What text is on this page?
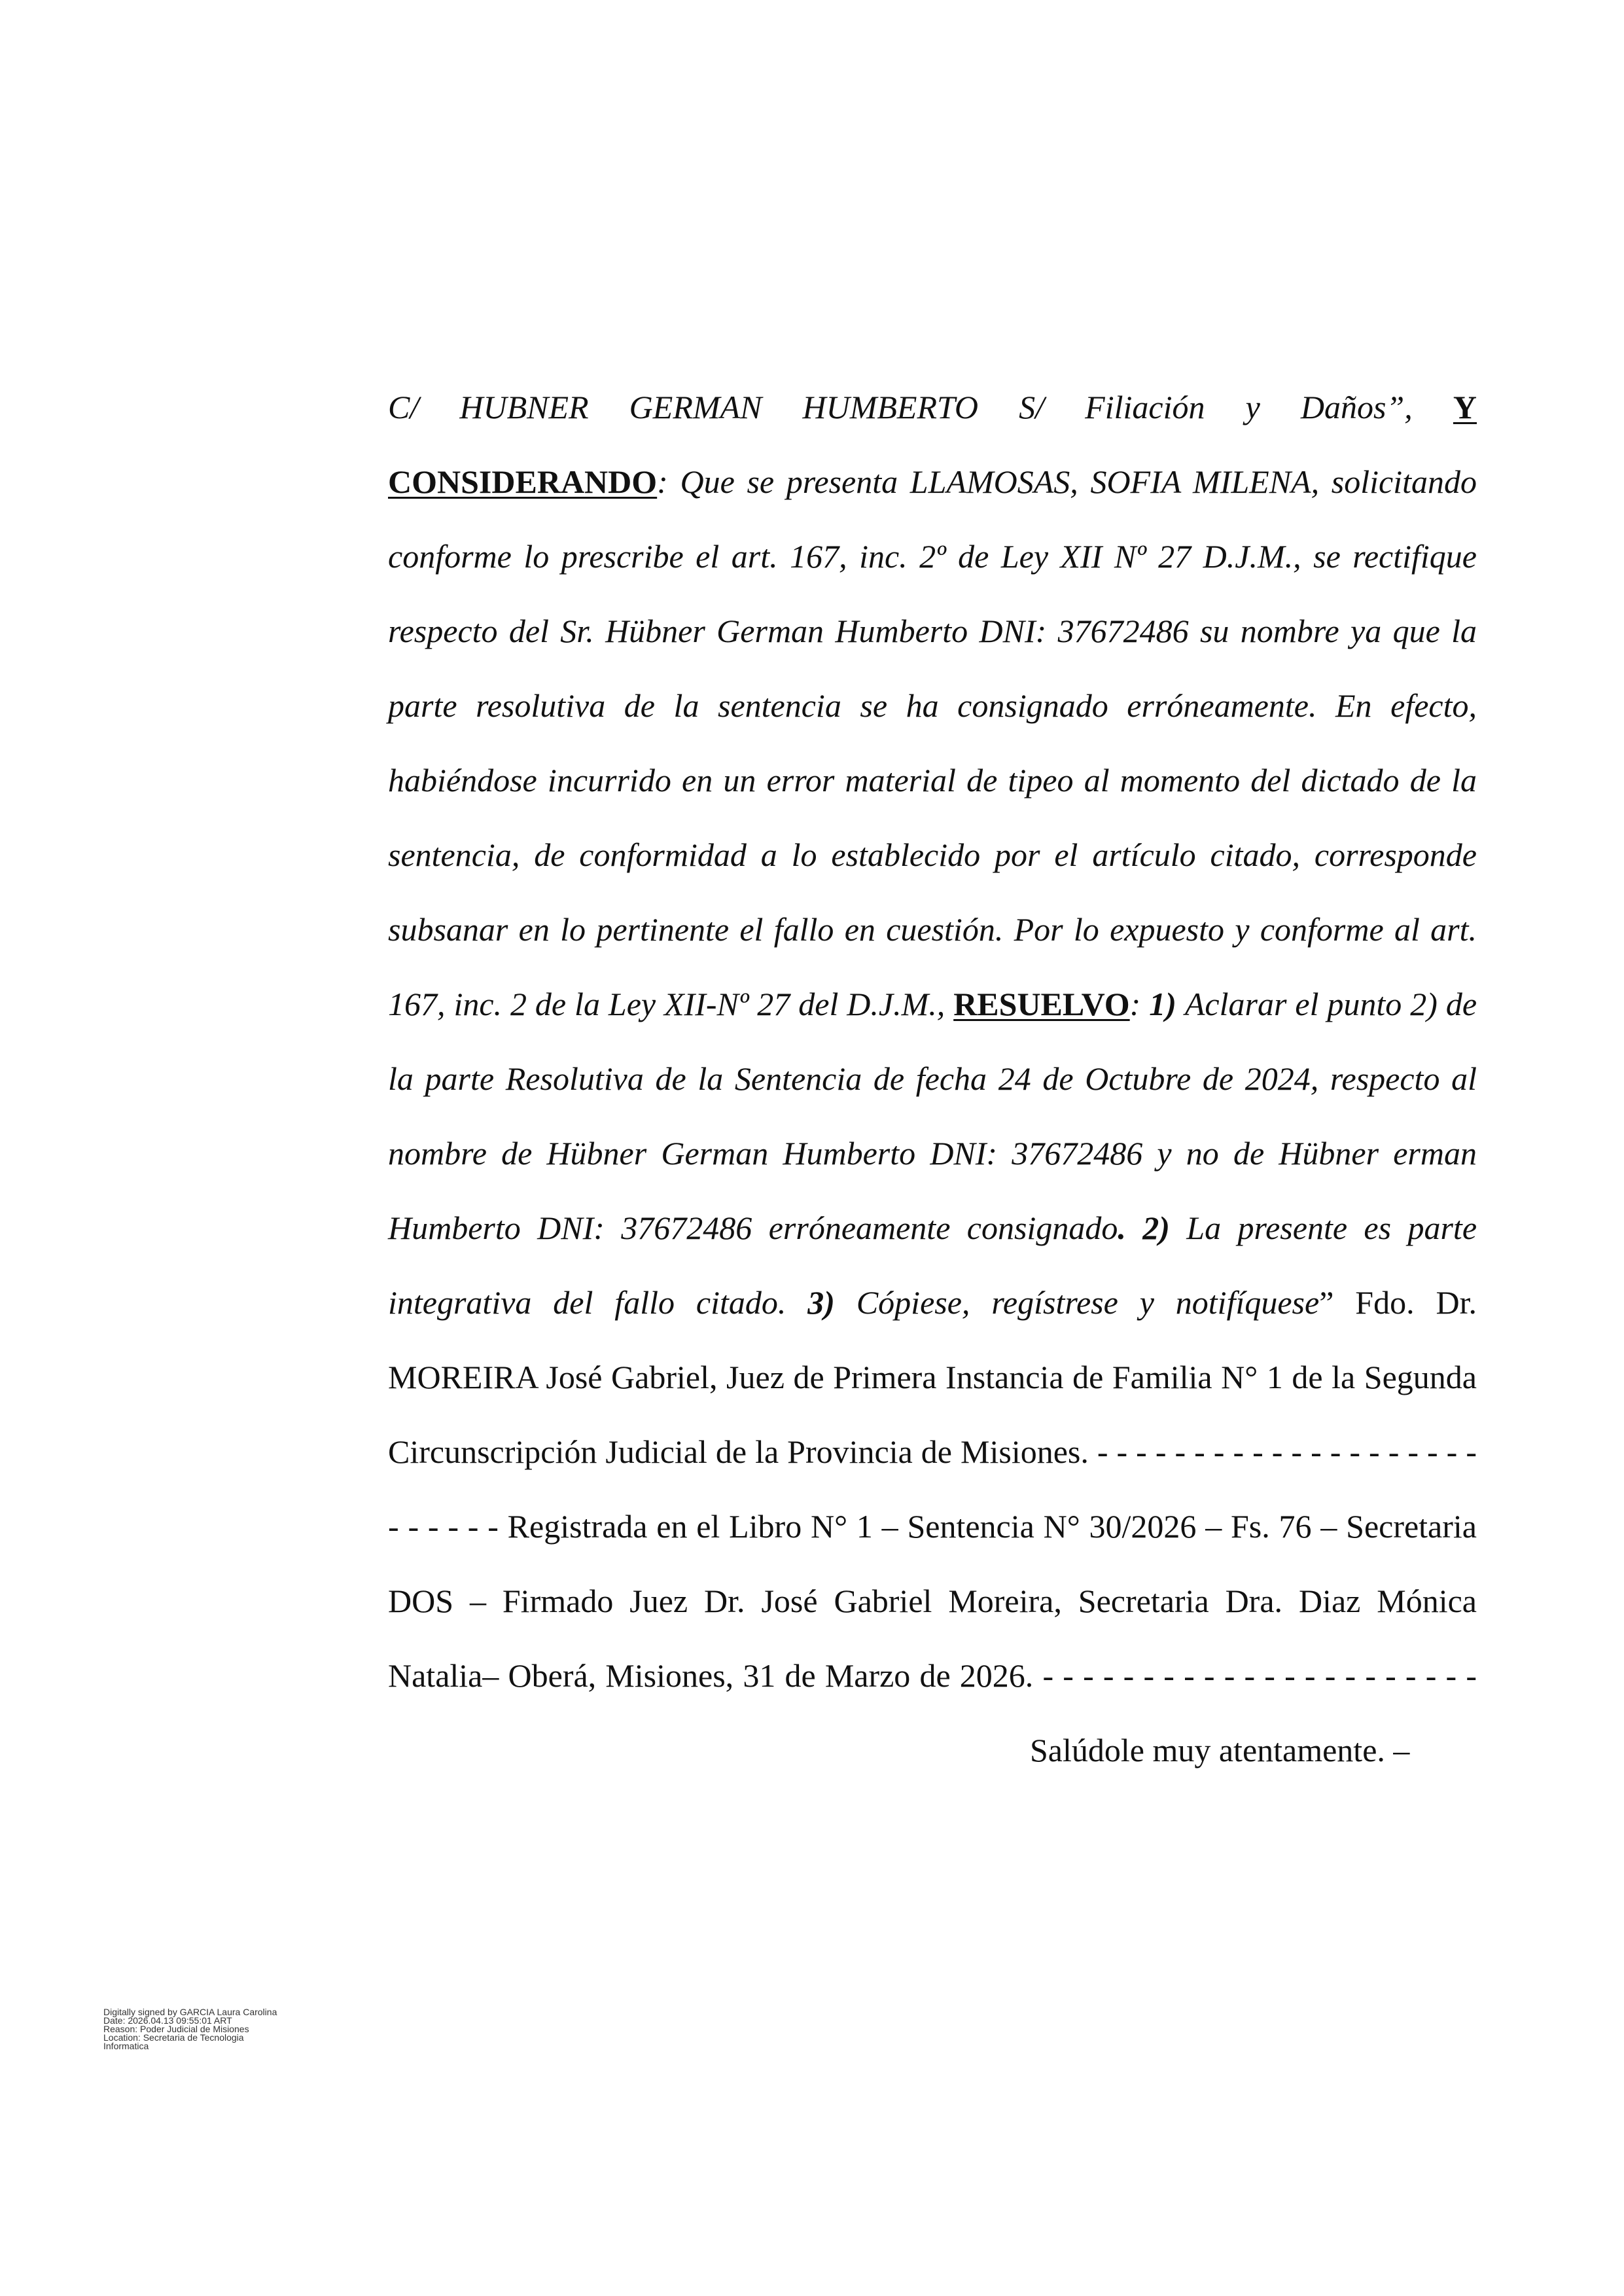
C/ HUBNER GERMAN HUMBERTO S/ Filiación y Daños”, Y
CONSIDERANDO: Que se presenta LLAMOSAS, SOFIA MILENA, solicitando
conforme lo prescribe el art. 167, inc. 2º de Ley XII Nº 27 D.J.M., se rectifique
respecto del Sr. Hübner German Humberto DNI: 37672486 su nombre ya que la
parte resolutiva de la sentencia se ha consignado erróneamente. En efecto,
habiéndose incurrido en un error material de tipeo al momento del dictado de la
sentencia, de conformidad a lo establecido por el artículo citado, corresponde
subsanar en lo pertinente el fallo en cuestión. Por lo expuesto y conforme al art.
167, inc. 2 de la Ley XII-Nº 27 del D.J.M., RESUELVO: 1) Aclarar el punto 2) de
la parte Resolutiva de la Sentencia de fecha 24 de Octubre de 2024, respecto al
nombre de Hübner German Humberto DNI: 37672486 y no de Hübner erman
Humberto DNI: 37672486 erróneamente consignado. 2) La presente es parte
integrativa del fallo citado. 3) Cópiese, regístrese y notifíquese” Fdo. Dr.
MOREIRA José Gabriel, Juez de Primera Instancia de Familia N° 1 de la Segunda
Circunscripción Judicial de la Provincia de Misiones. - - - - - - - - - - - - - - - - - - - -
- - - - - - Registrada en el Libro N° 1 – Sentencia N° 30/2026 – Fs. 76 – Secretaria
DOS – Firmado Juez Dr. José Gabriel Moreira, Secretaria Dra. Diaz Mónica
Natalia– Oberá, Misiones, 31 de Marzo de 2026. - - - - - - - - - - - - - - - - - - - - - -
Salúdole muy atentamente. –
Digitally signed by GARCIA Laura Carolina
Date: 2026.04.13 09:55:01 ART
Reason: Poder Judicial de Misiones
Location: Secretaria de Tecnologia
Informatica
